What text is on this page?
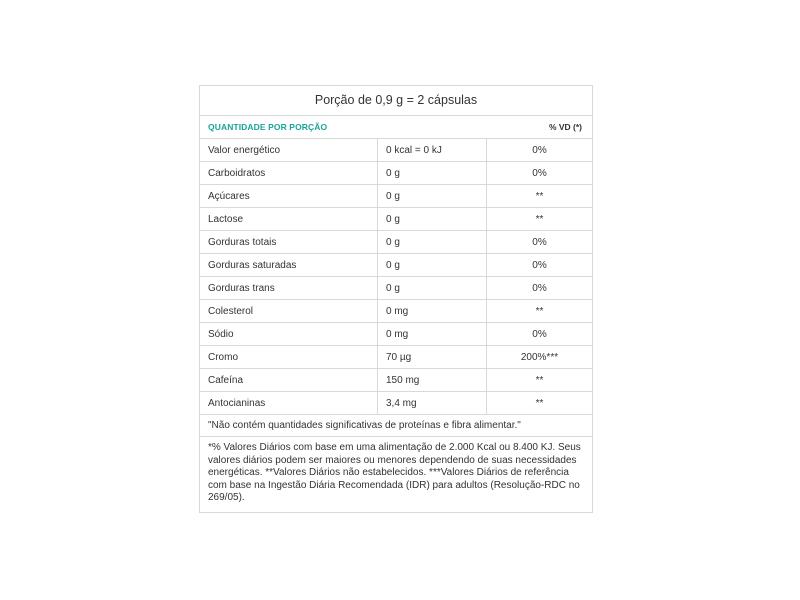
Porção de 0,9 g = 2 cápsulas
QUANTIDADE POR PORÇÃO	% VD (*)
Valor energético	0 kcal = 0 kJ	0%
Carboidratos	0 g	0%
Açúcares	0 g	**
Lactose	0 g	**
Gorduras totais	0 g	0%
Gorduras saturadas	0 g	0%
Gorduras trans	0 g	0%
Colesterol	0 mg	**
Sódio	0 mg	0%
Cromo	70 µg	200%***
Cafeína	150 mg	**
Antocianinas	3,4 mg	**
"Não contém quantidades significativas de proteínas e fibra alimentar."
*% Valores Diários com base em uma alimentação de 2.000 Kcal ou 8.400 KJ. Seus valores diários podem ser maiores ou menores dependendo de suas necessidades energéticas. **Valores Diários não estabelecidos. ***Valores Diários de referência com base na Ingestão Diária Recomendada (IDR) para adultos (Resolução-RDC no 269/05).
